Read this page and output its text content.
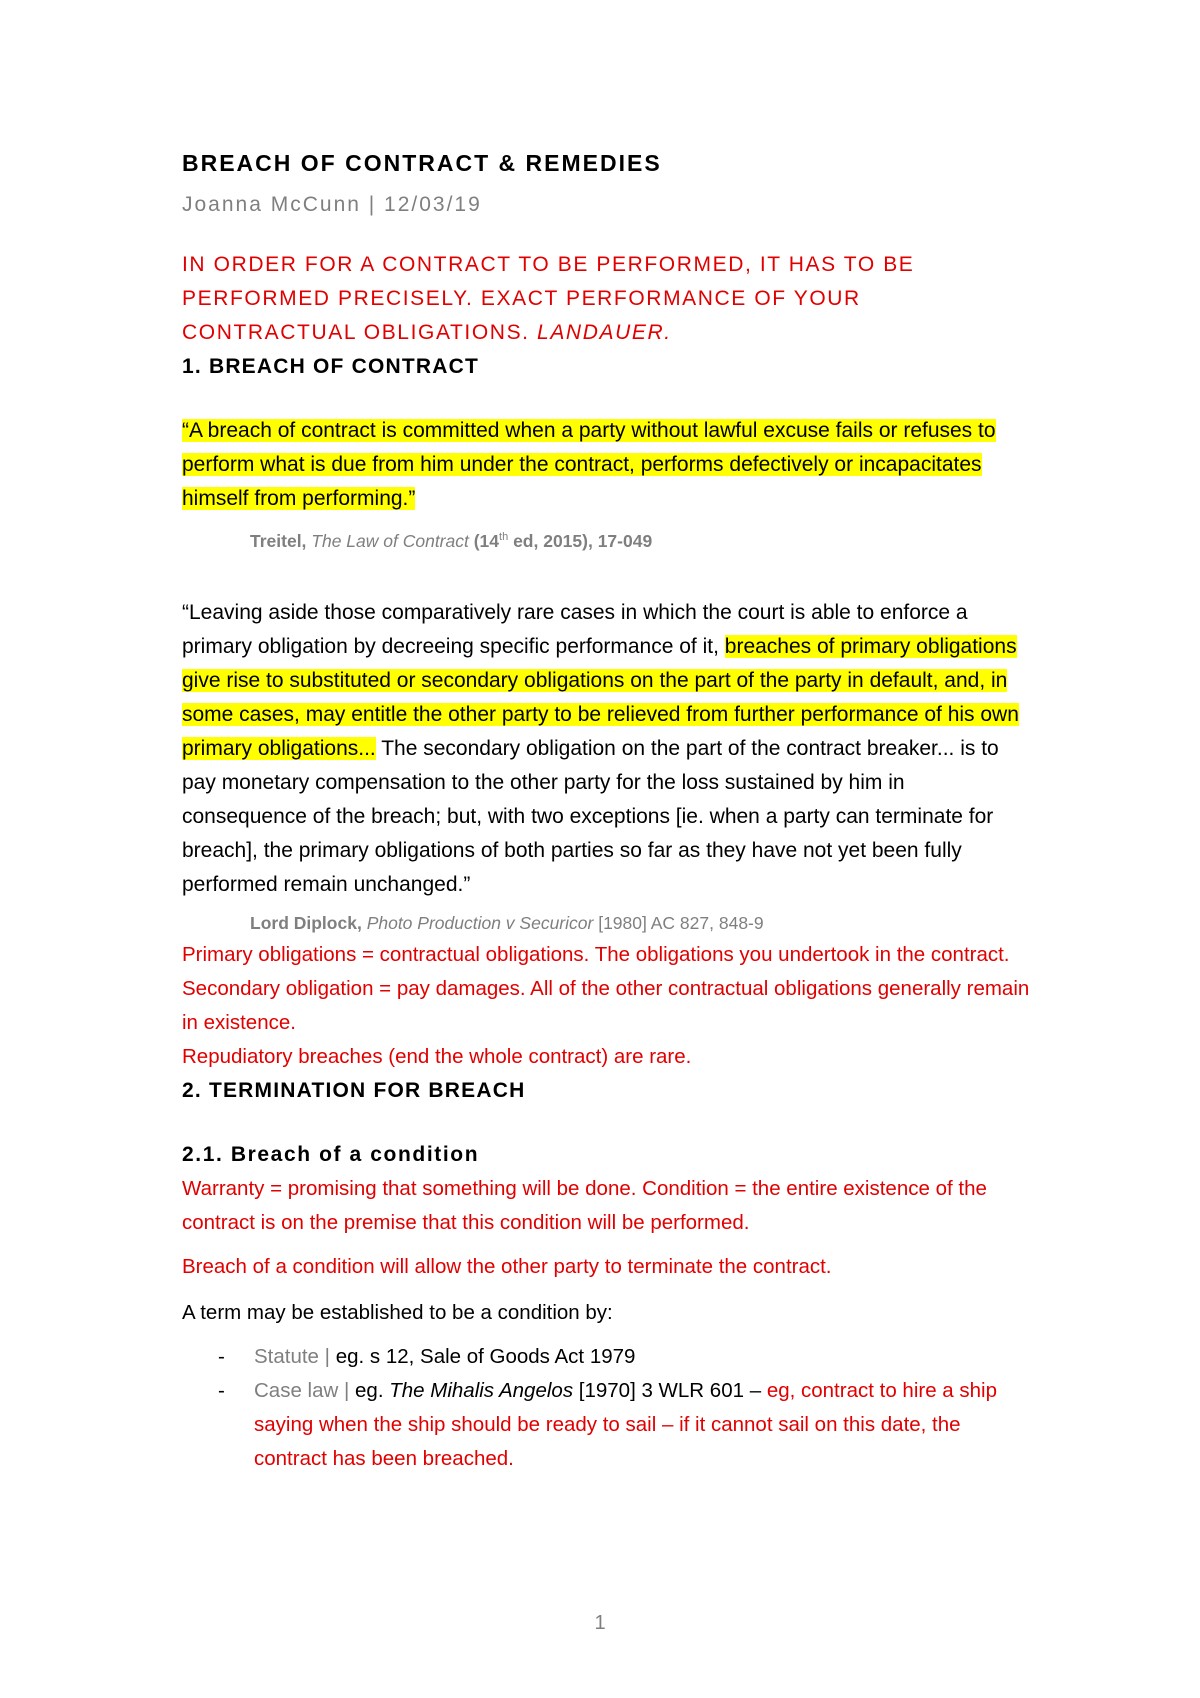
BREACH OF CONTRACT & REMEDIES
Joanna McCunn | 12/03/19
IN ORDER FOR A CONTRACT TO BE PERFORMED, IT HAS TO BE PERFORMED PRECISELY. EXACT PERFORMANCE OF YOUR CONTRACTUAL OBLIGATIONS. LANDAUER.
1. BREACH OF CONTRACT
“A breach of contract is committed when a party without lawful excuse fails or refuses to perform what is due from him under the contract, performs defectively or incapacitates himself from performing.”
Treitel, The Law of Contract (14th ed, 2015), 17-049
“Leaving aside those comparatively rare cases in which the court is able to enforce a primary obligation by decreeing specific performance of it, breaches of primary obligations give rise to substituted or secondary obligations on the part of the party in default, and, in some cases, may entitle the other party to be relieved from further performance of his own primary obligations... The secondary obligation on the part of the contract breaker... is to pay monetary compensation to the other party for the loss sustained by him in consequence of the breach; but, with two exceptions [ie. when a party can terminate for breach], the primary obligations of both parties so far as they have not yet been fully performed remain unchanged.”
Lord Diplock, Photo Production v Securicor [1980] AC 827, 848-9
Primary obligations = contractual obligations. The obligations you undertook in the contract.
Secondary obligation = pay damages. All of the other contractual obligations generally remain in existence.
Repudiatory breaches (end the whole contract) are rare.
2. TERMINATION FOR BREACH
2.1. Breach of a condition
Warranty = promising that something will be done. Condition = the entire existence of the contract is on the premise that this condition will be performed.
Breach of a condition will allow the other party to terminate the contract.
A term may be established to be a condition by:
- Statute | eg. s 12, Sale of Goods Act 1979
- Case law | eg. The Mihalis Angelos [1970] 3 WLR 601 – eg, contract to hire a ship saying when the ship should be ready to sail – if it cannot sail on this date, the contract has been breached.
1
